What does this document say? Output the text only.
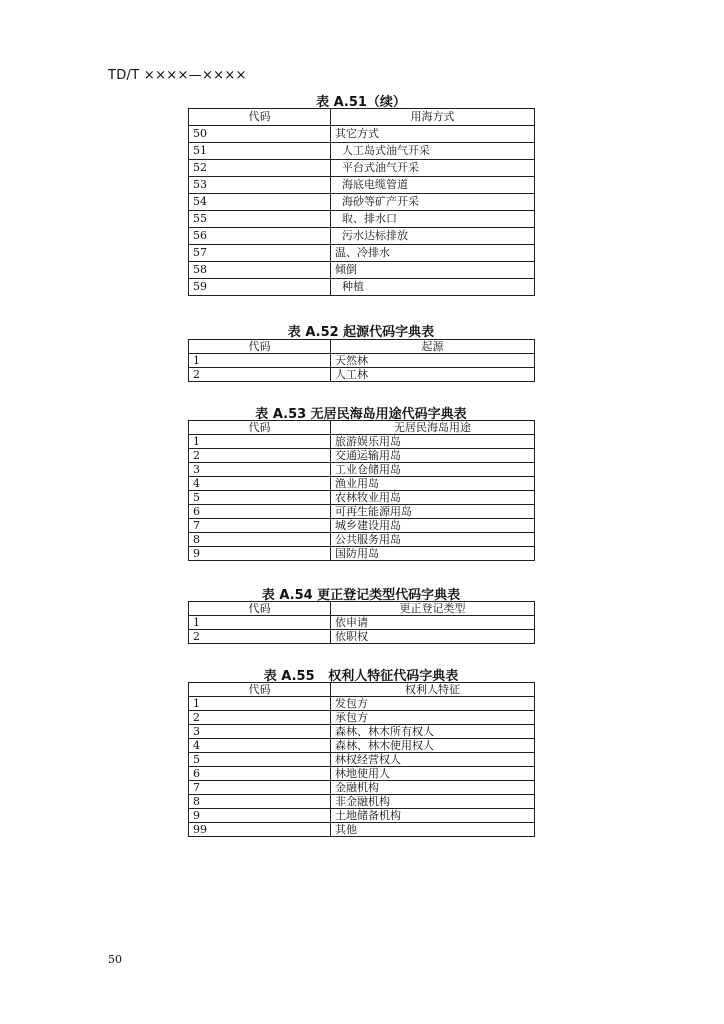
TD/T ××××—××××
表 A.51（续）
代码	用海方式
50	其它方式
51	人工岛式油气开采
52	平台式油气开采
53	海底电缆管道
54	海砂等矿产开采
55	取、排水口
56	污水达标排放
57	温、冷排水
58	倾倒
59	种植
表 A.52 起源代码字典表
代码	起源
1	天然林
2	人工林
表 A.53 无居民海岛用途代码字典表
代码	无居民海岛用途
1	旅游娱乐用岛
2	交通运输用岛
3	工业仓储用岛
4	渔业用岛
5	农林牧业用岛
6	可再生能源用岛
7	城乡建设用岛
8	公共服务用岛
9	国防用岛
表 A.54 更正登记类型代码字典表
代码	更正登记类型
1	依申请
2	依职权
表 A.55   权利人特征代码字典表
代码	权利人特征
1	发包方
2	承包方
3	森林、林木所有权人
4	森林、林木使用权人
5	林权经营权人
6	林地使用人
7	金融机构
8	非金融机构
9	土地储备机构
99	其他
50
